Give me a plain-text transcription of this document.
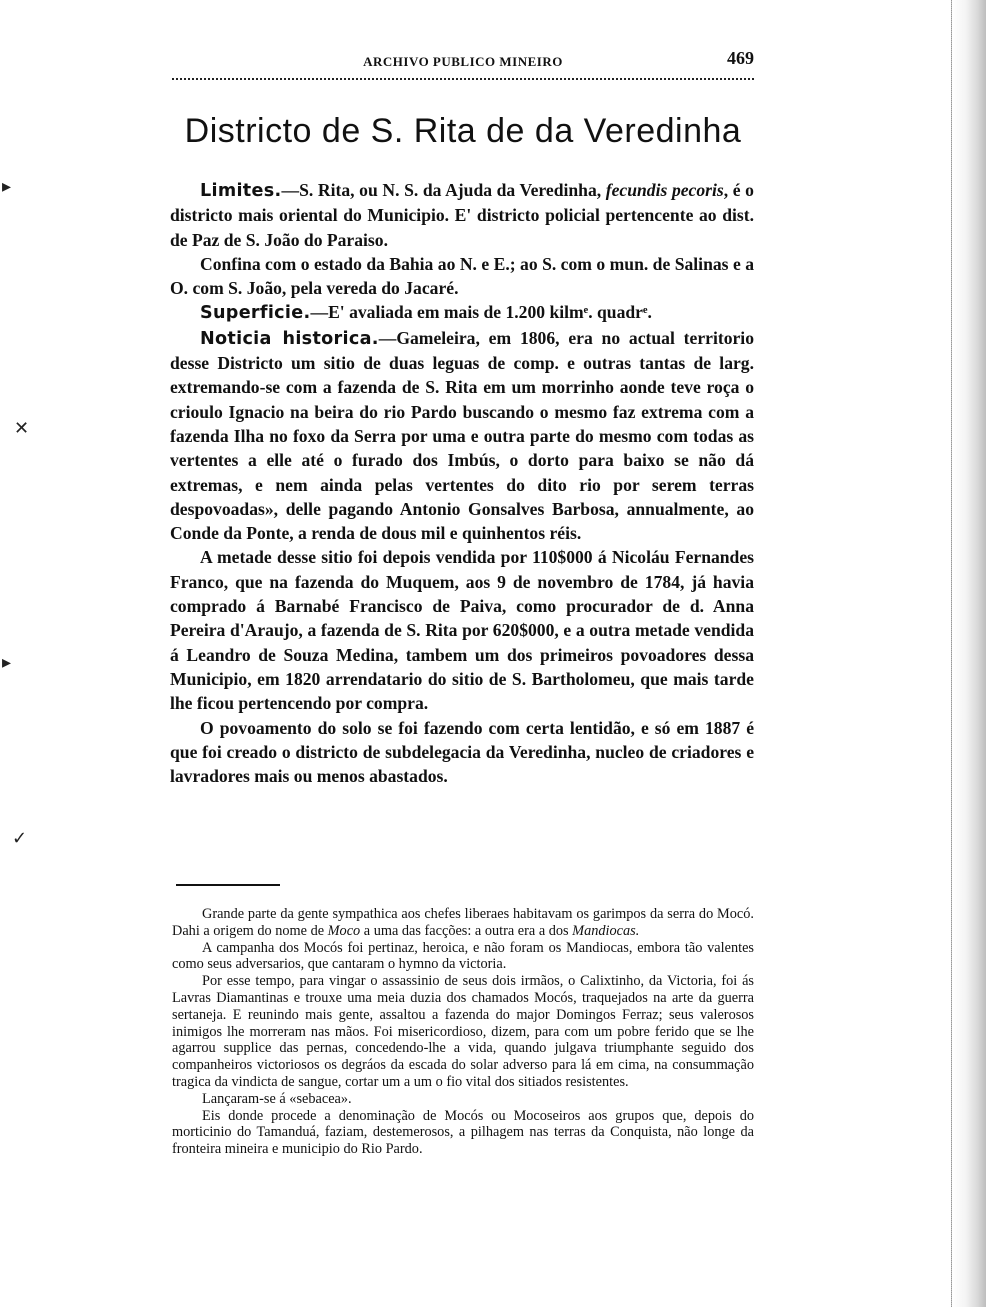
▸
✕
▸
✓
ARCHIVO PUBLICO MINEIRO	469
Districto de S. Rita de da Veredinha

Limites.—S. Rita, ou N. S. da Ajuda da Veredinha, fecundis pecoris, é o districto mais oriental do Municipio. E' districto policial pertencente ao dist. de Paz de S. João do Paraiso.

Confina com o estado da Bahia ao N. e E.; ao S. com o mun. de Salinas e a O. com S. João, pela vereda do Jacaré.

Superficie.—E' avaliada em mais de 1.200 kilmᵉ. quadrᵉ.

Noticia historica.—Gameleira, em 1806, era no actual territorio desse Districto um sitio de duas leguas de comp. e outras tantas de larg. extremando-se com a fazenda de S. Rita em um morrinho aonde teve roça o crioulo Ignacio na beira do rio Pardo buscando o mesmo faz extrema com a fazenda Ilha no foxo da Serra por uma e outra parte do mesmo com todas as vertentes a elle até o furado dos Imbús, o dorto para baixo se não dá extremas, e nem ainda pelas vertentes do dito rio por serem terras despovoadas», delle pagando Antonio Gonsalves Barbosa, annualmente, ao Conde da Ponte, a renda de dous mil e quinhentos réis.

A metade desse sitio foi depois vendida por 110$000 á Nicoláu Fernandes Franco, que na fazenda do Muquem, aos 9 de novembro de 1784, já havia comprado á Barnabé Francisco de Paiva, como procurador de d. Anna Pereira d'Araujo, a fazenda de S. Rita por 620$000, e a outra metade vendida á Leandro de Souza Medina, tambem um dos primeiros povoadores dessa Municipio, em 1820 arrendatario do sitio de S. Bartholomeu, que mais tarde lhe ficou pertencendo por compra.

O povoamento do solo se foi fazendo com certa lentidão, e só em 1887 é que foi creado o districto de subdelegacia da Veredinha, nucleo de criadores e lavradores mais ou menos abastados.

Grande parte da gente sympathica aos chefes liberaes habitavam os garimpos da serra do Mocó. Dahi a origem do nome de Moco a uma das facções: a outra era a dos Mandiocas.

A campanha dos Mocós foi pertinaz, heroica, e não foram os Mandiocas, embora tão valentes como seus adversarios, que cantaram o hymno da victoria.

Por esse tempo, para vingar o assassinio de seus dois irmãos, o Calixtinho, da Victoria, foi ás Lavras Diamantinas e trouxe uma meia duzia dos chamados Mocós, traquejados na arte da guerra sertaneja. E reunindo mais gente, assaltou a fazenda do major Domingos Ferraz; seus valerosos inimigos lhe morreram nas mãos. Foi misericordioso, dizem, para com um pobre ferido que se lhe agarrou supplice das pernas, concedendo-lhe a vida, quando julgava triumphante seguido dos companheiros victoriosos os degráos da escada do solar adverso para lá em cima, na consummação tragica da vindicta de sangue, cortar um a um o fio vital dos sitiados resistentes.

Lançaram-se á «sebacea».

Eis donde procede a denominação de Mocós ou Mocoseiros aos grupos que, depois do morticinio do Tamanduá, faziam, destemerosos, a pilhagem nas terras da Conquista, não longe da fronteira mineira e municipio do Rio Pardo.
